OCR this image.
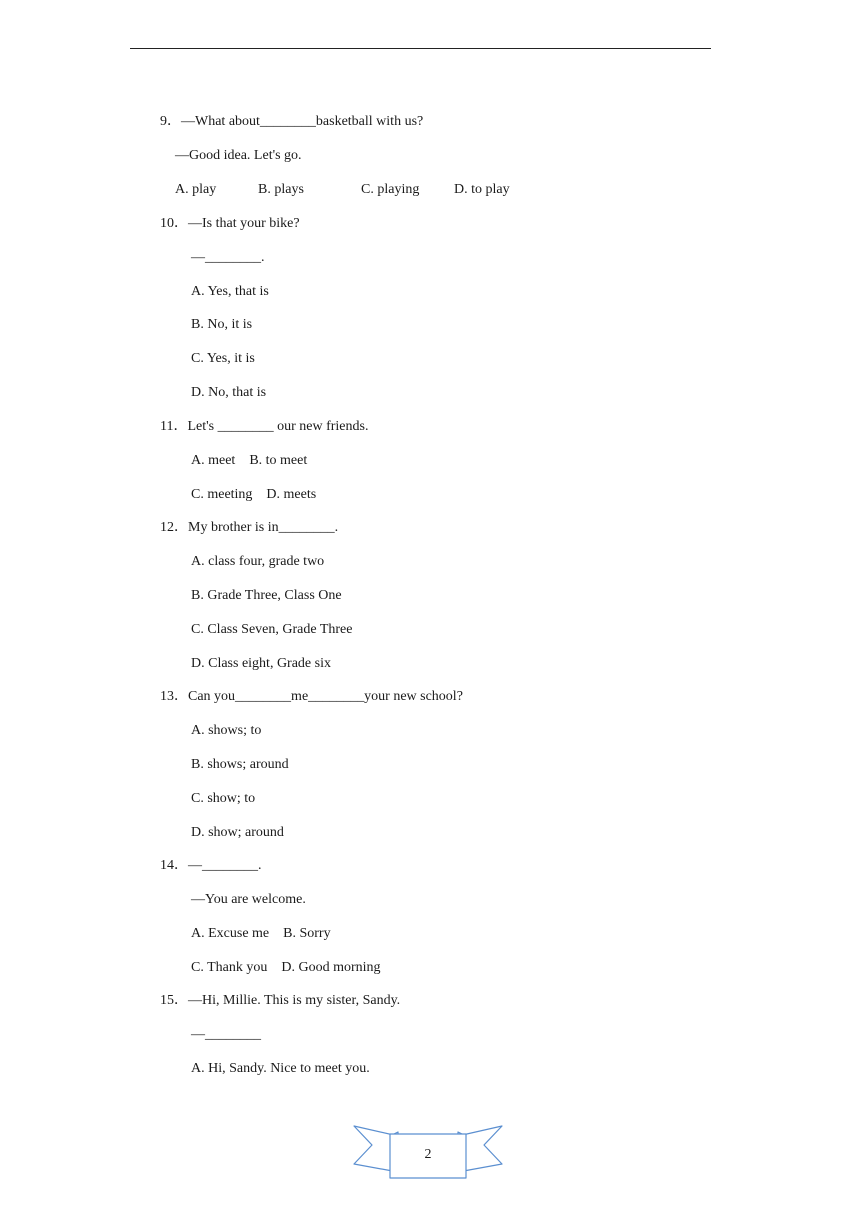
9．—What about________basketball with us?
—Good idea. Let's go.
A. play	B. plays	C. playing D. to play
10．—Is that your bike?
—________.
A. Yes, that is
B. No, it is
C. Yes, it is
D. No, that is
11．Let's ________ our new friends.
A. meet    B. to meet
C. meeting    D. meets
12．My brother is in________.
A. class four, grade two
B. Grade Three, Class One
C. Class Seven, Grade Three
D. Class eight, Grade six
13．Can you________me________your new school?
A. shows; to
B. shows; around
C. show; to
D. show; around
14．—________.
—You are welcome.
A. Excuse me    B. Sorry
C. Thank you    D. Good morning
15．—Hi, Millie. This is my sister, Sandy.
—________
A. Hi, Sandy. Nice to meet you.
2
